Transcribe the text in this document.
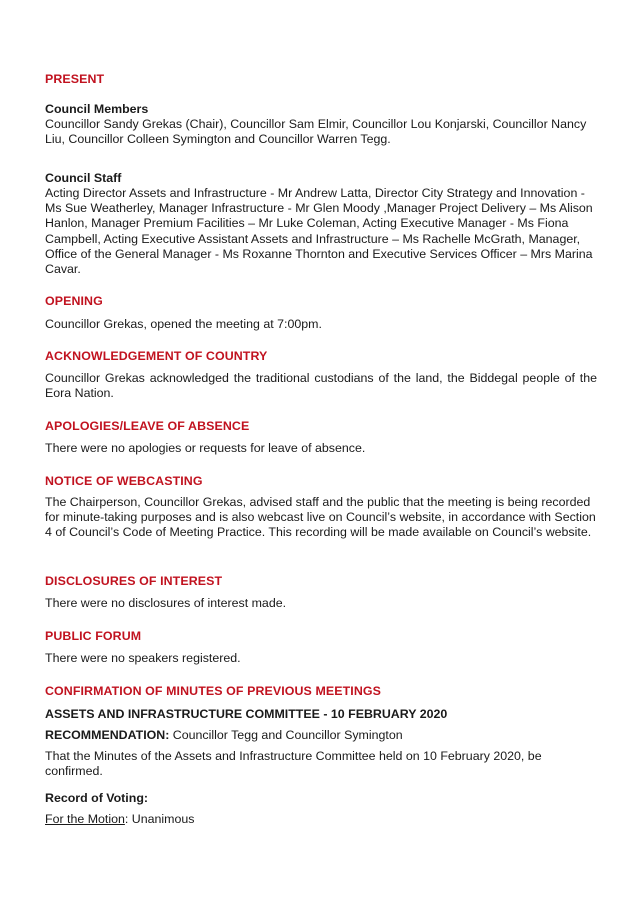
PRESENT
Council Members
Councillor Sandy Grekas (Chair), Councillor Sam Elmir, Councillor Lou Konjarski, Councillor Nancy Liu, Councillor Colleen Symington and Councillor Warren Tegg.
Council Staff
Acting Director Assets and Infrastructure - Mr Andrew Latta, Director City Strategy and Innovation - Ms Sue Weatherley, Manager Infrastructure - Mr Glen Moody ,Manager Project Delivery – Ms Alison Hanlon, Manager Premium Facilities – Mr Luke Coleman, Acting Executive Manager - Ms Fiona Campbell, Acting Executive Assistant Assets and Infrastructure – Ms Rachelle McGrath, Manager, Office of the General Manager - Ms Roxanne Thornton and Executive Services Officer – Mrs Marina Cavar.
OPENING
Councillor Grekas, opened the meeting at 7:00pm.
ACKNOWLEDGEMENT OF COUNTRY
Councillor Grekas acknowledged the traditional custodians of the land, the Biddegal people of the Eora Nation.
APOLOGIES/LEAVE OF ABSENCE
There were no apologies or requests for leave of absence.
NOTICE OF WEBCASTING
The Chairperson, Councillor Grekas, advised staff and the public that the meeting is being recorded for minute-taking purposes and is also webcast live on Council’s website, in accordance with Section 4 of Council’s Code of Meeting Practice. This recording will be made available on Council’s website.
DISCLOSURES OF INTEREST
There were no disclosures of interest made.
PUBLIC FORUM
There were no speakers registered.
CONFIRMATION OF MINUTES OF PREVIOUS MEETINGS
ASSETS AND INFRASTRUCTURE COMMITTEE - 10 FEBRUARY 2020
RECOMMENDATION: Councillor Tegg and Councillor Symington
That the Minutes of the Assets and Infrastructure Committee held on 10 February 2020, be confirmed.
Record of Voting:
For the Motion: Unanimous
